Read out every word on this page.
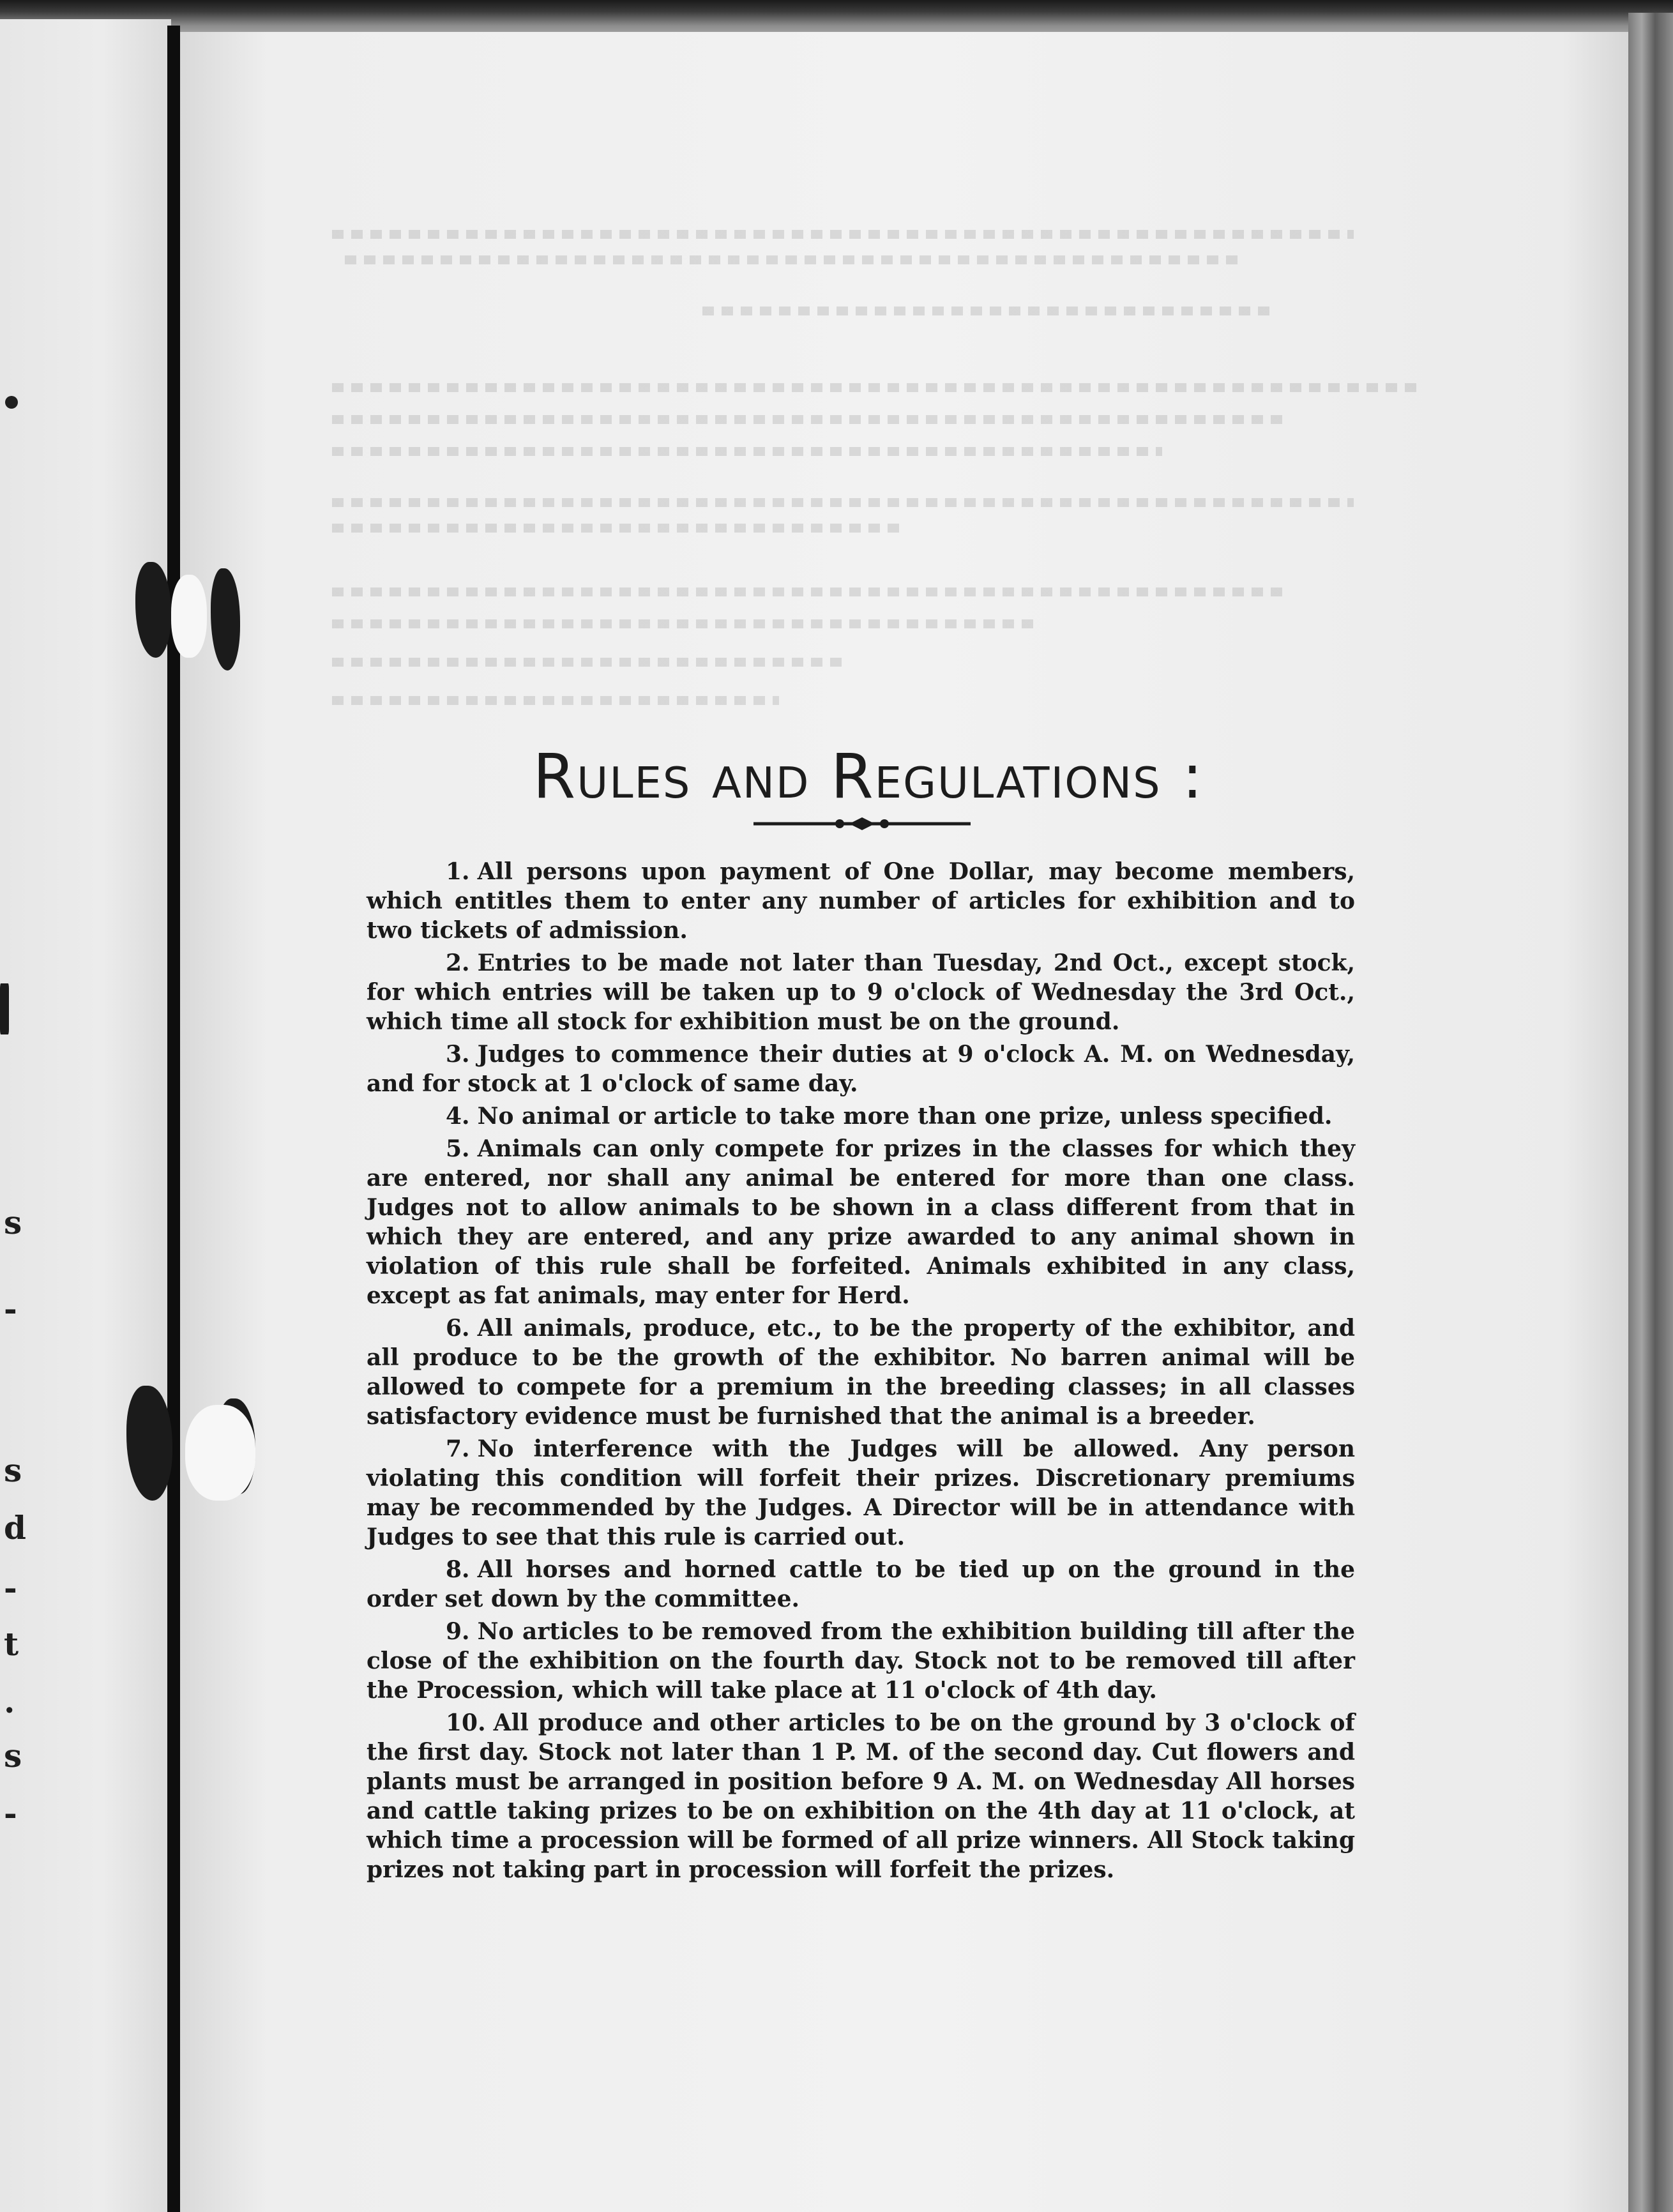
s
-
s
d
-
t
.
s
-
Rules and Regulations :

1. All persons upon payment of One Dollar, may become members, which entitles them to enter any number of articles for exhibition and to two tickets of admission.

2. Entries to be made not later than Tuesday, 2nd Oct., except stock, for which entries will be taken up to 9 o'clock of Wednesday the 3rd Oct., which time all stock for exhibition must be on the ground.

3. Judges to commence their duties at 9 o'clock A. M. on Wednesday, and for stock at 1 o'clock of same day.

4. No animal or article to take more than one prize, unless specified.

5. Animals can only compete for prizes in the classes for which they are entered, nor shall any animal be entered for more than one class. Judges not to allow animals to be shown in a class different from that in which they are entered, and any prize awarded to any animal shown in violation of this rule shall be forfeited. Animals exhibited in any class, except as fat animals, may enter for Herd.

6. All animals, produce, etc., to be the property of the exhibitor, and all produce to be the growth of the exhibitor. No barren animal will be allowed to compete for a premium in the breeding classes; in all classes satisfactory evidence must be furnished that the animal is a breeder.

7. No interference with the Judges will be allowed. Any person violating this condition will forfeit their prizes. Discretionary premiums may be recommended by the Judges. A Director will be in attendance with Judges to see that this rule is carried out.

8. All horses and horned cattle to be tied up on the ground in the order set down by the committee.

9. No articles to be removed from the exhibition building till after the close of the exhibition on the fourth day. Stock not to be removed till after the Procession, which will take place at 11 o'clock of 4th day.

10. All produce and other articles to be on the ground by 3 o'clock of the first day. Stock not later than 1 P. M. of the second day. Cut flowers and plants must be arranged in position before 9 A. M. on Wednesday All horses and cattle taking prizes to be on exhibition on the 4th day at 11 o'clock, at which time a procession will be formed of all prize winners. All Stock taking prizes not taking part in procession will forfeit the prizes.
